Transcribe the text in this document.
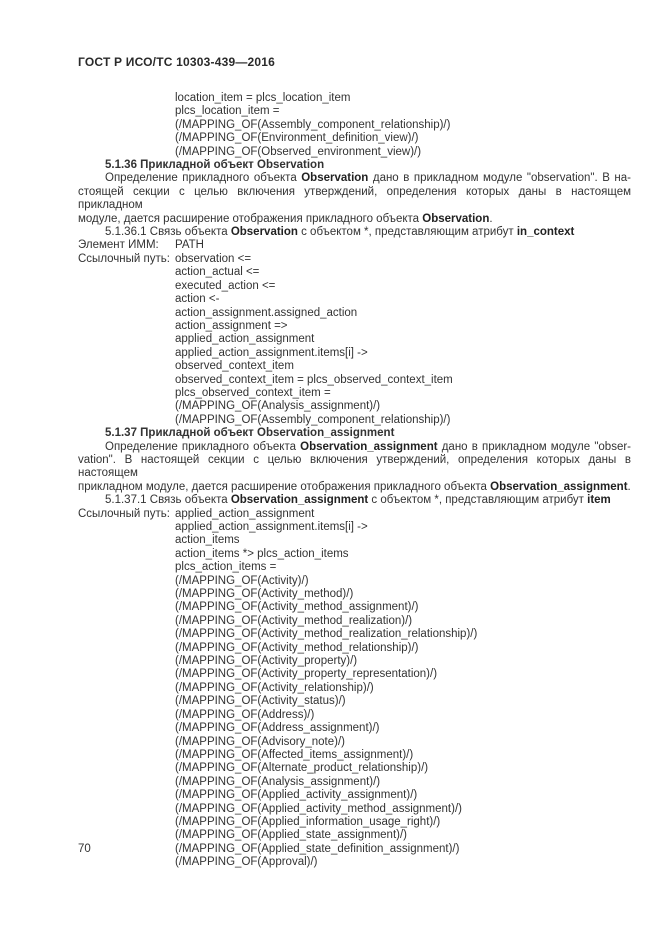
ГОСТ Р ИСО/ТС 10303-439—2016
location_item = plcs_location_item
plcs_location_item =
(/MAPPING_OF(Assembly_component_relationship)/)
(/MAPPING_OF(Environment_definition_view)/)
(/MAPPING_OF(Observed_environment_view)/)
5.1.36 Прикладной объект Observation
Определение прикладного объекта Observation дано в прикладном модуле "observation". В на-
стоящей секции с целью включения утверждений, определения которых даны в настоящем прикладном
модуле, дается расширение отображения прикладного объекта Observation.
5.1.36.1 Связь объекта Observation с объектом *, представляющим атрибут in_context
Элемент ИММ:	PATH
Ссылочный путь: observation <=
action_actual <=
executed_action <=
action <-
action_assignment.assigned_action
action_assignment =>
applied_action_assignment
applied_action_assignment.items[i] ->
observed_context_item
observed_context_item = plcs_observed_context_item
plcs_observed_context_item =
(/MAPPING_OF(Analysis_assignment)/)
(/MAPPING_OF(Assembly_component_relationship)/)
5.1.37 Прикладной объект Observation_assignment
Определение прикладного объекта Observation_assignment дано в прикладном модуле "obser-
vation". В настоящей секции с целью включения утверждений, определения которых даны в настоящем
прикладном модуле, дается расширение отображения прикладного объекта Observation_assignment.
5.1.37.1 Связь объекта Observation_assignment с объектом *, представляющим атрибут item
Ссылочный путь: applied_action_assignment
applied_action_assignment.items[i] ->
action_items
action_items *> plcs_action_items
plcs_action_items =
(/MAPPING_OF(Activity)/)
(/MAPPING_OF(Activity_method)/)
(/MAPPING_OF(Activity_method_assignment)/)
(/MAPPING_OF(Activity_method_realization)/)
(/MAPPING_OF(Activity_method_realization_relationship)/)
(/MAPPING_OF(Activity_method_relationship)/)
(/MAPPING_OF(Activity_property)/)
(/MAPPING_OF(Activity_property_representation)/)
(/MAPPING_OF(Activity_relationship)/)
(/MAPPING_OF(Activity_status)/)
(/MAPPING_OF(Address)/)
(/MAPPING_OF(Address_assignment)/)
(/MAPPING_OF(Advisory_note)/)
(/MAPPING_OF(Affected_items_assignment)/)
(/MAPPING_OF(Alternate_product_relationship)/)
(/MAPPING_OF(Analysis_assignment)/)
(/MAPPING_OF(Applied_activity_assignment)/)
(/MAPPING_OF(Applied_activity_method_assignment)/)
(/MAPPING_OF(Applied_information_usage_right)/)
(/MAPPING_OF(Applied_state_assignment)/)
(/MAPPING_OF(Applied_state_definition_assignment)/)
(/MAPPING_OF(Approval)/)
70
